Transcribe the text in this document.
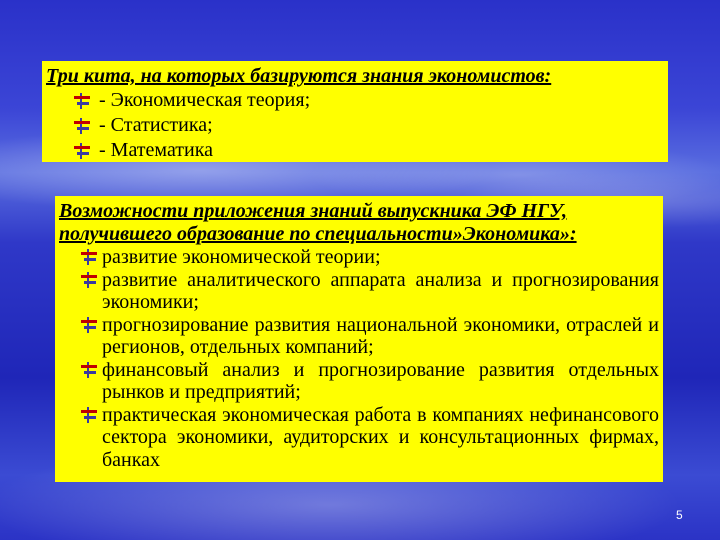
Три кита, на которых базируются знания экономистов:

- Экономическая теория;
- Статистика;
- Математика

Возможности приложения знаний выпускника ЭФ НГУ,

получившего образование по специальности»Экономика»:

развитие экономической теории;
развитие аналитического аппарата анализа и прогнозирования экономики;
прогнозирование развития национальной экономики, отраслей и регионов, отдельных компаний;
финансовый анализ и прогнозирование развития отдельных рынков и предприятий;
практическая экономическая работа в компаниях нефинансового сектора экономики, аудиторских и консультационных фирмах, банках
5
